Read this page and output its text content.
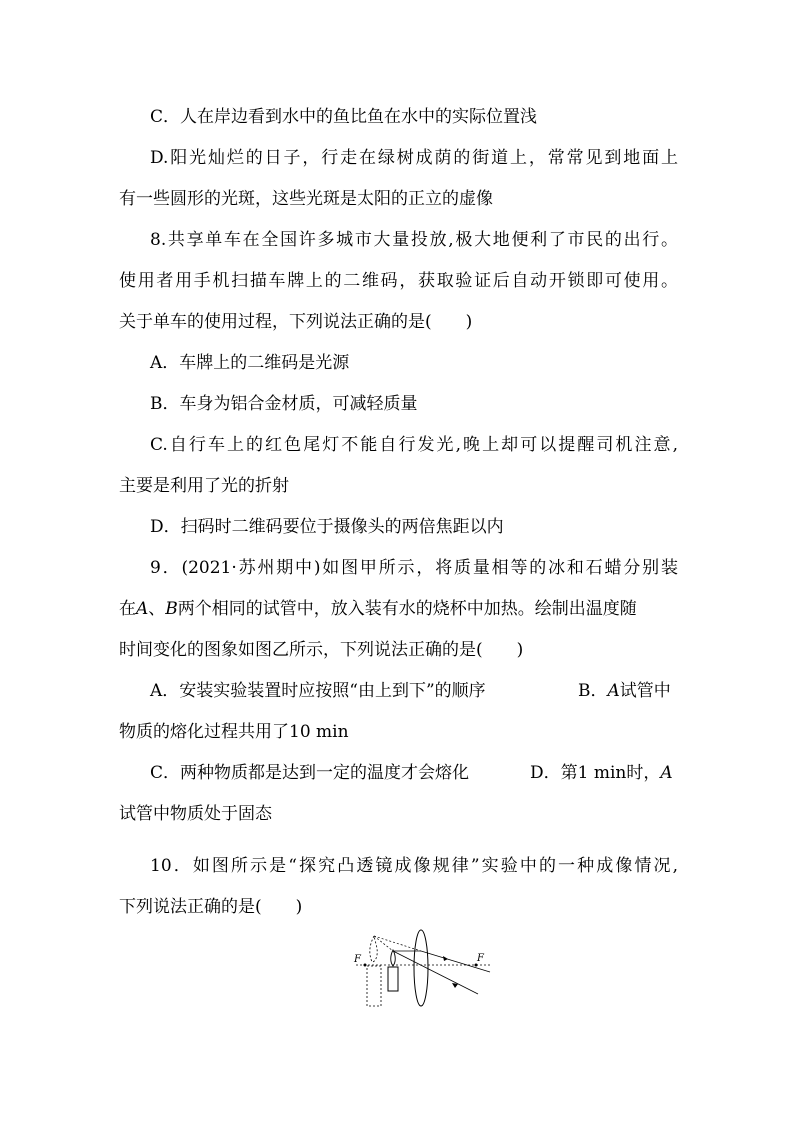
C．人在岸边看到水中的鱼比鱼在水中的实际位置浅
D.阳光灿烂的日子，行走在绿树成荫的街道上，常常见到地面上
有一些圆形的光斑，这些光斑是太阳的正立的虚像
8.共享单车在全国许多城市大量投放,极大地便利了市民的出行。
使用者用手机扫描车牌上的二维码，获取验证后自动开锁即可使用。
关于单车的使用过程，下列说法正确的是(　　)
A．车牌上的二维码是光源
B．车身为铝合金材质，可减轻质量
C.自行车上的红色尾灯不能自行发光,晚上却可以提醒司机注意,
主要是利用了光的折射
D．扫码时二维码要位于摄像头的两倍焦距以内
9．(2021·苏州期中)如图甲所示，将质量相等的冰和石蜡分别装
在A、B两个相同的试管中，放入装有水的烧杯中加热。绘制出温度随
时间变化的图象如图乙所示，下列说法正确的是(　　)
A．安装实验装置时应按照“由上到下”的顺序	B．A试管中
物质的熔化过程共用了10 min
C．两种物质都是达到一定的温度才会熔化	D．第1 min时，A
试管中物质处于固态
10．如图所示是“探究凸透镜成像规律”实验中的一种成像情况,
下列说法正确的是(　　)
F	F
